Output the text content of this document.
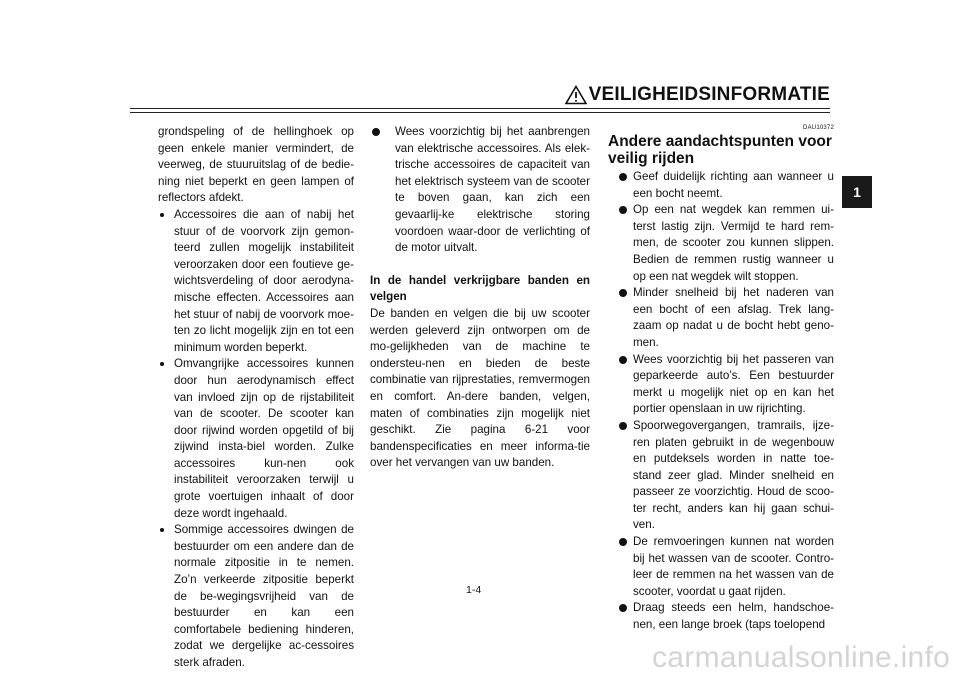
VEILIGHEIDSINFORMATIE
1

grondspeling of de hellinghoek op geen enkele manier vermindert, de veerweg, de stuuruitslag of de bedie-ning niet beperkt en geen lampen of reflectors afdekt.

Accessoires die aan of nabij het stuur of de voorvork zijn gemon-teerd zullen mogelijk instabiliteit veroorzaken door een foutieve ge-wichtsverdeling of door aerodyna-mische effecten. Accessoires aan het stuur of nabij de voorvork moe-ten zo licht mogelijk zijn en tot een minimum worden beperkt.
Omvangrijke accessoires kunnen door hun aerodynamisch effect van invloed zijn op de rijstabiliteit van de scooter. De scooter kan door rijwind worden opgetild of bij zijwind insta-biel worden. Zulke accessoires kun-nen ook instabiliteit veroorzaken terwijl u grote voertuigen inhaalt of door deze wordt ingehaald.
Sommige accessoires dwingen de bestuurder om een andere dan de normale zitpositie in te nemen. Zo’n verkeerde zitpositie beperkt de be-wegingsvrijheid van de bestuurder en kan een comfortabele bediening hinderen, zodat we dergelijke ac-cessoires sterk afraden.
Wees voorzichtig bij het aanbrengen van elektrische accessoires. Als elek-trische accessoires de capaciteit van het elektrisch systeem van de scooter te boven gaan, kan zich een gevaarlij-ke elektrische storing voordoen waar-door de verlichting of de motor uitvalt.

In de handel verkrijgbare banden en velgen

De banden en velgen die bij uw scooter werden geleverd zijn ontworpen om de mo-gelijkheden van de machine te ondersteu-nen en bieden de beste combinatie van rijprestaties, remvermogen en comfort. An-dere banden, velgen, maten of combinaties zijn mogelijk niet geschikt. Zie pagina 6-21 voor bandenspecificaties en meer informa-tie over het vervangen van uw banden.

DAU10372
Andere aandachtspunten voor veilig rijden
Geef duidelijk richting aan wanneer u een bocht neemt.
Op een nat wegdek kan remmen ui-terst lastig zijn. Vermijd te hard rem-men, de scooter zou kunnen slippen. Bedien de remmen rustig wanneer u op een nat wegdek wilt stoppen.
Minder snelheid bij het naderen van een bocht of een afslag. Trek lang-zaam op nadat u de bocht hebt geno-men.
Wees voorzichtig bij het passeren van geparkeerde auto’s. Een bestuurder merkt u mogelijk niet op en kan het portier openslaan in uw rijrichting.
Spoorwegovergangen, tramrails, ijze-ren platen gebruikt in de wegenbouw en putdeksels worden in natte toe-stand zeer glad. Minder snelheid en passeer ze voorzichtig. Houd de scoo-ter recht, anders kan hij gaan schui-ven.
De remvoeringen kunnen nat worden bij het wassen van de scooter. Contro-leer de remmen na het wassen van de scooter, voordat u gaat rijden.
Draag steeds een helm, handschoe-nen, een lange broek (taps toelopend
1-4
carmanualsonline.info
